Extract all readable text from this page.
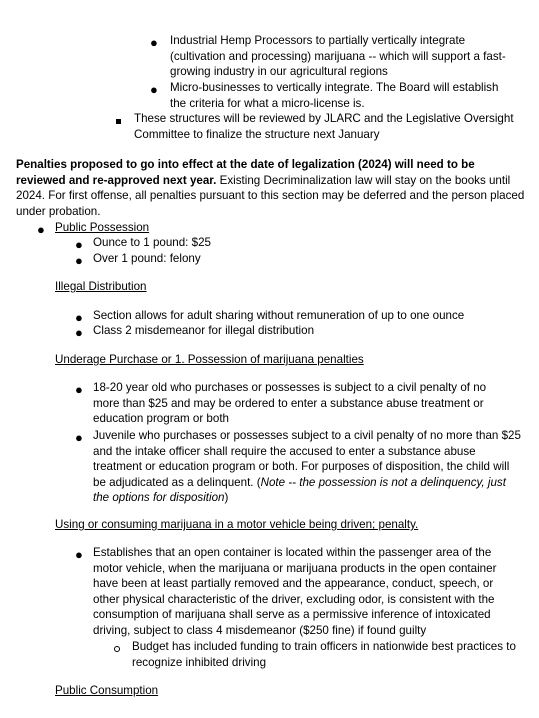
● Industrial Hemp Processors to partially vertically integrate (cultivation and processing) marijuana -- which will support a fast-growing industry in our agricultural regions
● Micro-businesses to vertically integrate. The Board will establish the criteria for what a micro-license is.
These structures will be reviewed by JLARC and the Legislative Oversight Committee to finalize the structure next January
Penalties proposed to go into effect at the date of legalization (2024) will need to be reviewed and re-approved next year. Existing Decriminalization law will stay on the books until 2024. For first offense, all penalties pursuant to this section may be deferred and the person placed under probation.
● Public Possession
● Ounce to 1 pound: $25
● Over 1 pound: felony
Illegal Distribution
● Section allows for adult sharing without remuneration of up to one ounce
● Class 2 misdemeanor for illegal distribution
Underage Purchase or 1. Possession of marijuana penalties
● 18-20 year old who purchases or possesses is subject to a civil penalty of no more than $25 and may be ordered to enter a substance abuse treatment or education program or both
● Juvenile who purchases or possesses subject to a civil penalty of no more than $25 and the intake officer shall require the accused to enter a substance abuse treatment or education program or both. For purposes of disposition, the child will be adjudicated as a delinquent. (Note -- the possession is not a delinquency, just the options for disposition)
Using or consuming marijuana in a motor vehicle being driven; penalty.
● Establishes that an open container is located within the passenger area of the motor vehicle, when the marijuana or marijuana products in the open container have been at least partially removed and the appearance, conduct, speech, or other physical characteristic of the driver, excluding odor, is consistent with the consumption of marijuana shall serve as a permissive inference of intoxicated driving, subject to class 4 misdemeanor ($250 fine) if found guilty
Budget has included funding to train officers in nationwide best practices to recognize inhibited driving
Public Consumption
